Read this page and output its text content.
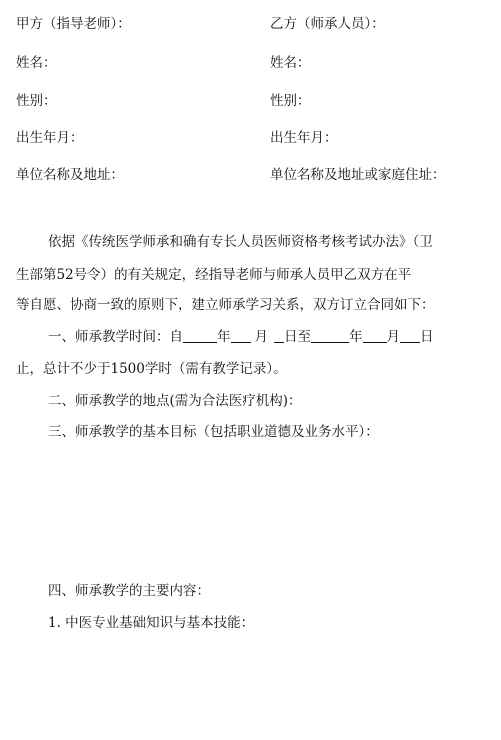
甲方（指导老师）：	乙方（师承人员）：
姓名：	姓名：
性别：	性别：
出生年月：	出生年月：
单位名称及地址：	单位名称及地址或家庭住址：
依据《传统医学师承和确有专长人员医师资格考核考试办法》（卫
生部第52号令）的有关规定，经指导老师与师承人员甲乙双方在平
等自愿、协商一致的原则下，建立师承学习关系，双方订立合同如下：
一、师承教学时间：自	年 月 日至	年 月 日
止，总计不少于1500学时（需有教学记录）。
二、师承教学的地点(需为合法医疗机构)：
三、师承教学的基本目标（包括职业道德及业务水平）：
四、师承教学的主要内容：
1. 中医专业基础知识与基本技能：
